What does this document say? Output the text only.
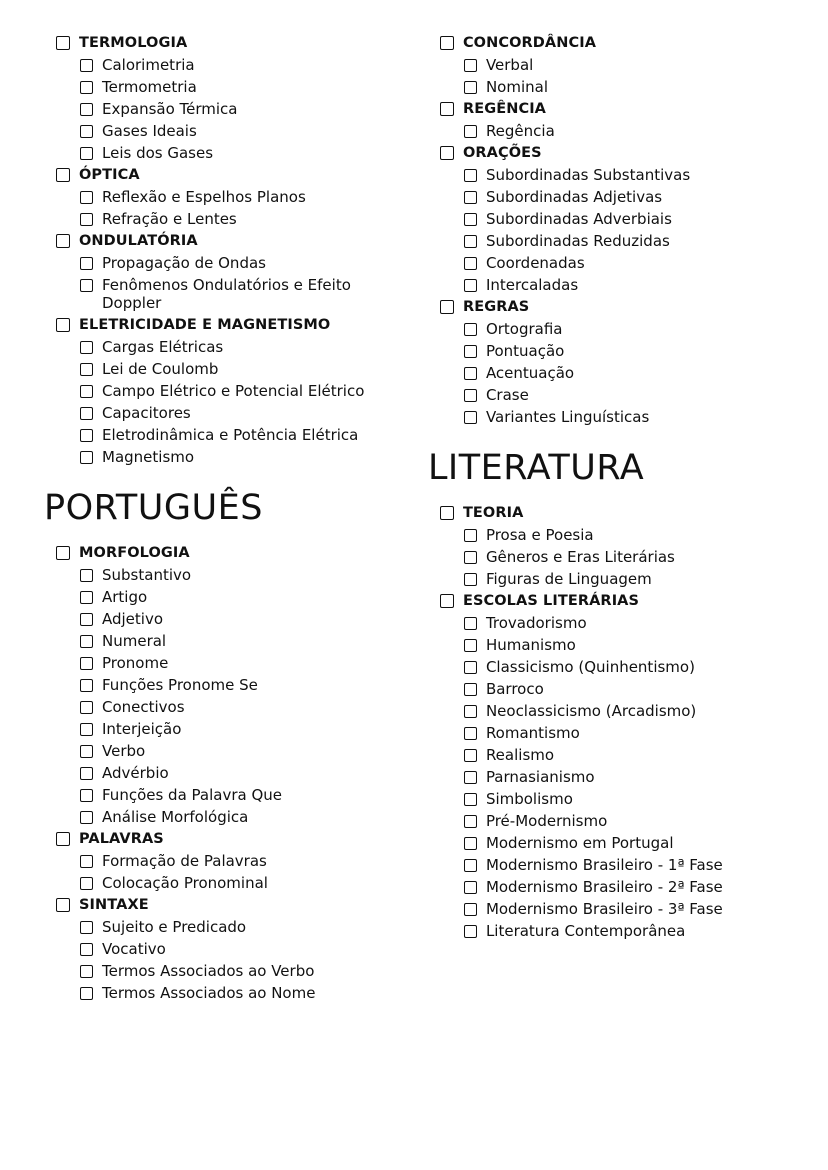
TERMOLOGIA
Calorimetria
Termometria
Expansão Térmica
Gases Ideais
Leis dos Gases
ÓPTICA
Reflexão e Espelhos Planos
Refração e Lentes
ONDULATÓRIA
Propagação de Ondas
Fenômenos Ondulatórios e Efeito Doppler
ELETRICIDADE E MAGNETISMO
Cargas Elétricas
Lei de Coulomb
Campo Elétrico e Potencial Elétrico
Capacitores
Eletrodinâmica e Potência Elétrica
Magnetismo
PORTUGUÊS
MORFOLOGIA
Substantivo
Artigo
Adjetivo
Numeral
Pronome
Funções Pronome Se
Conectivos
Interjeição
Verbo
Advérbio
Funções da Palavra Que
Análise Morfológica
PALAVRAS
Formação de Palavras
Colocação Pronominal
SINTAXE
Sujeito e Predicado
Vocativo
Termos Associados ao Verbo
Termos Associados ao Nome
CONCORDÂNCIA
Verbal
Nominal
REGÊNCIA
Regência
ORAÇÕES
Subordinadas Substantivas
Subordinadas Adjetivas
Subordinadas Adverbiais
Subordinadas Reduzidas
Coordenadas
Intercaladas
REGRAS
Ortografia
Pontuação
Acentuação
Crase
Variantes Linguísticas
LITERATURA
TEORIA
Prosa e Poesia
Gêneros e Eras Literárias
Figuras de Linguagem
ESCOLAS LITERÁRIAS
Trovadorismo
Humanismo
Classicismo (Quinhentismo)
Barroco
Neoclassicismo (Arcadismo)
Romantismo
Realismo
Parnasianismo
Simbolismo
Pré-Modernismo
Modernismo em Portugal
Modernismo Brasileiro - 1ª Fase
Modernismo Brasileiro - 2ª Fase
Modernismo Brasileiro - 3ª Fase
Literatura Contemporânea
